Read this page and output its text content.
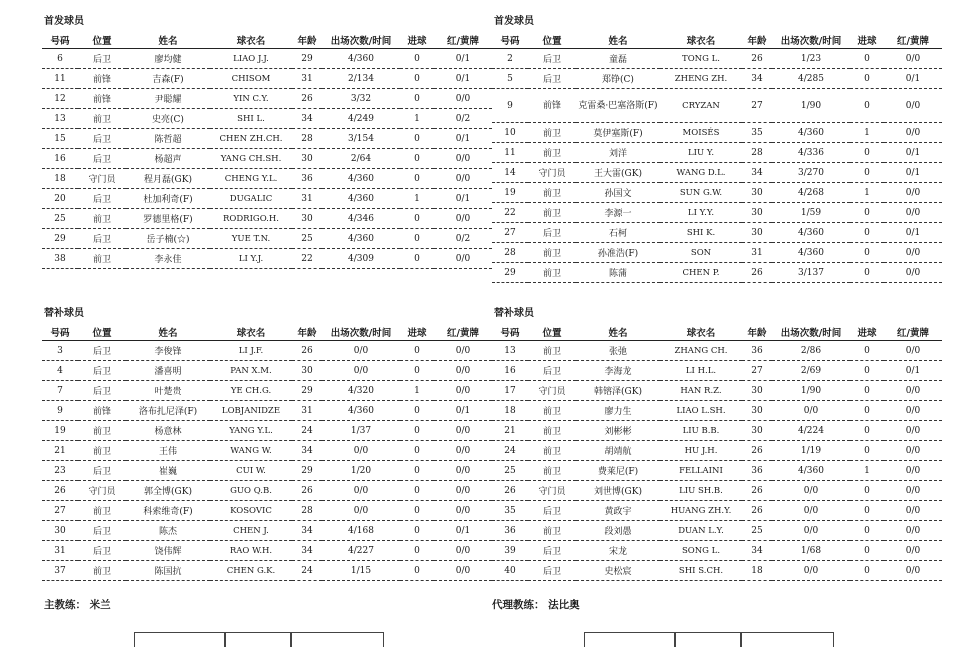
首发球员
号码	位置	姓名	球衣名	年龄	出场次数/时间	进球	红/黄牌
6	后卫	廖均健	LIAO J.J.	29	4/360	0	0/1
11	前锋	吉森(F)	CHISOM	31	2/134	0	0/1
12	前锋	尹聪耀	YIN C.Y.	26	3/32	0	0/0
13	前卫	史亮(C)	SHI L.	34	4/249	1	0/2
15	后卫	陈哲超	CHEN ZH.CH.	28	3/154	0	0/1
16	后卫	杨超声	YANG CH.SH.	30	2/64	0	0/0
18	守门员	程月磊(GK)	CHENG Y.L.	36	4/360	0	0/0
20	后卫	杜加利奇(F)	DUGALIC	31	4/360	1	0/1
25	前卫	罗德里格(F)	RODRIGO.H.	30	4/346	0	0/0
29	后卫	岳子楠(☆)	YUE T.N.	25	4/360	0	0/2
38	前卫	李永佳	LI Y.J.	22	4/309	0	0/0
替补球员
号码	位置	姓名	球衣名	年龄	出场次数/时间	进球	红/黄牌
3	后卫	李俊锋	LI J.F.	26	0/0	0	0/0
4	后卫	潘喜明	PAN X.M.	30	0/0	0	0/0
7	后卫	叶楚贵	YE CH.G.	29	4/320	1	0/0
9	前锋	洛布扎尼泽(F)	LOBJANIDZE	31	4/360	0	0/1
19	前卫	杨意林	YANG Y.L.	24	1/37	0	0/0
21	前卫	王伟	WANG W.	34	0/0	0	0/0
23	后卫	崔巍	CUI W.	29	1/20	0	0/0
26	守门员	郭全博(GK)	GUO Q.B.	26	0/0	0	0/0
27	前卫	科索维奇(F)	KOSOVIC	28	0/0	0	0/0
30	后卫	陈杰	CHEN J.	34	4/168	0	0/1
31	后卫	饶伟辉	RAO W.H.	34	4/227	0	0/0
37	前卫	陈国抗	CHEN G.K.	24	1/15	0	0/0
首发球员
号码	位置	姓名	球衣名	年龄	出场次数/时间	进球	红/黄牌
2	后卫	童磊	TONG L.	26	1/23	0	0/0
5	后卫	郑铮(C)	ZHENG ZH.	34	4/285	0	0/1
9	前锋	克雷桑·巴塞洛斯(F)	CRYZAN	27	1/90	0	0/0
10	前卫	莫伊塞斯(F)	MOISÉS	35	4/360	1	0/0
11	前卫	刘洋	LIU Y.	28	4/336	0	0/1
14	守门员	王大雷(GK)	WANG D.L.	34	3/270	0	0/1
19	前卫	孙国文	SUN G.W.	30	4/268	1	0/0
22	前卫	李源一	LI Y.Y.	30	1/59	0	0/0
27	后卫	石柯	SHI K.	30	4/360	0	0/1
28	前卫	孙准浩(F)	SON	31	4/360	0	0/0
29	前卫	陈蒲	CHEN P.	26	3/137	0	0/0
替补球员
号码	位置	姓名	球衣名	年龄	出场次数/时间	进球	红/黄牌
13	前卫	张弛	ZHANG CH.	36	2/86	0	0/0
16	后卫	李海龙	LI H.L.	27	2/69	0	0/1
17	守门员	韩镕泽(GK)	HAN R.Z.	30	1/90	0	0/0
18	前卫	廖力生	LIAO L.SH.	30	0/0	0	0/0
21	前卫	刘彬彬	LIU B.B.	30	4/224	0	0/0
24	前卫	胡靖航	HU J.H.	26	1/19	0	0/0
25	前卫	费莱尼(F)	FELLAINI	36	4/360	1	0/0
26	守门员	刘世博(GK)	LIU SH.B.	26	0/0	0	0/0
35	后卫	黄政宇	HUANG ZH.Y.	26	0/0	0	0/0
36	前卫	段刘愚	DUAN L.Y.	25	0/0	0	0/0
39	后卫	宋龙	SONG L.	34	1/68	0	0/0
40	后卫	史松宸	SHI S.CH.	18	0/0	0	0/0
主教练： 米兰	代理教练： 法比奥
